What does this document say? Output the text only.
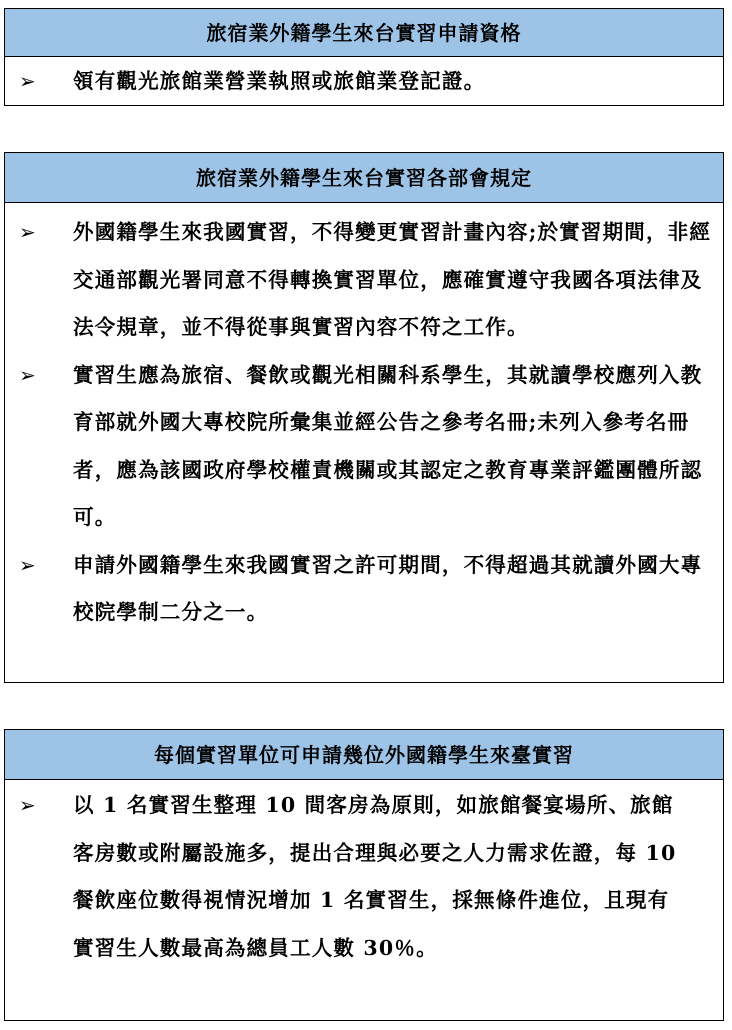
旅宿業外籍學生來台實習申請資格
➢ 領有觀光旅館業營業執照或旅館業登記證。
旅宿業外籍學生來台實習各部會規定
➢ 外國籍學生來我國實習，不得變更實習計畫內容;於實習期間，非經交通部觀光署同意不得轉換實習單位，應確實遵守我國各項法律及法令規章，並不得從事與實習內容不符之工作。
➢ 實習生應為旅宿、餐飲或觀光相關科系學生，其就讀學校應列入教育部就外國大專校院所彙集並經公告之參考名冊;未列入參考名冊者，應為該國政府學校權責機關或其認定之教育專業評鑑團體所認可。
➢ 申請外國籍學生來我國實習之許可期間，不得超過其就讀外國大專校院學制二分之一。
每個實習單位可申請幾位外國籍學生來臺實習
➢ 以 1 名實習生整理 10 間客房為原則，如旅館餐宴場所、旅館客房數或附屬設施多，提出合理與必要之人力需求佐證，每 10 餐飲座位數得視情況增加 1 名實習生，採無條件進位，且現有實習生人數最高為總員工人數 30％。
